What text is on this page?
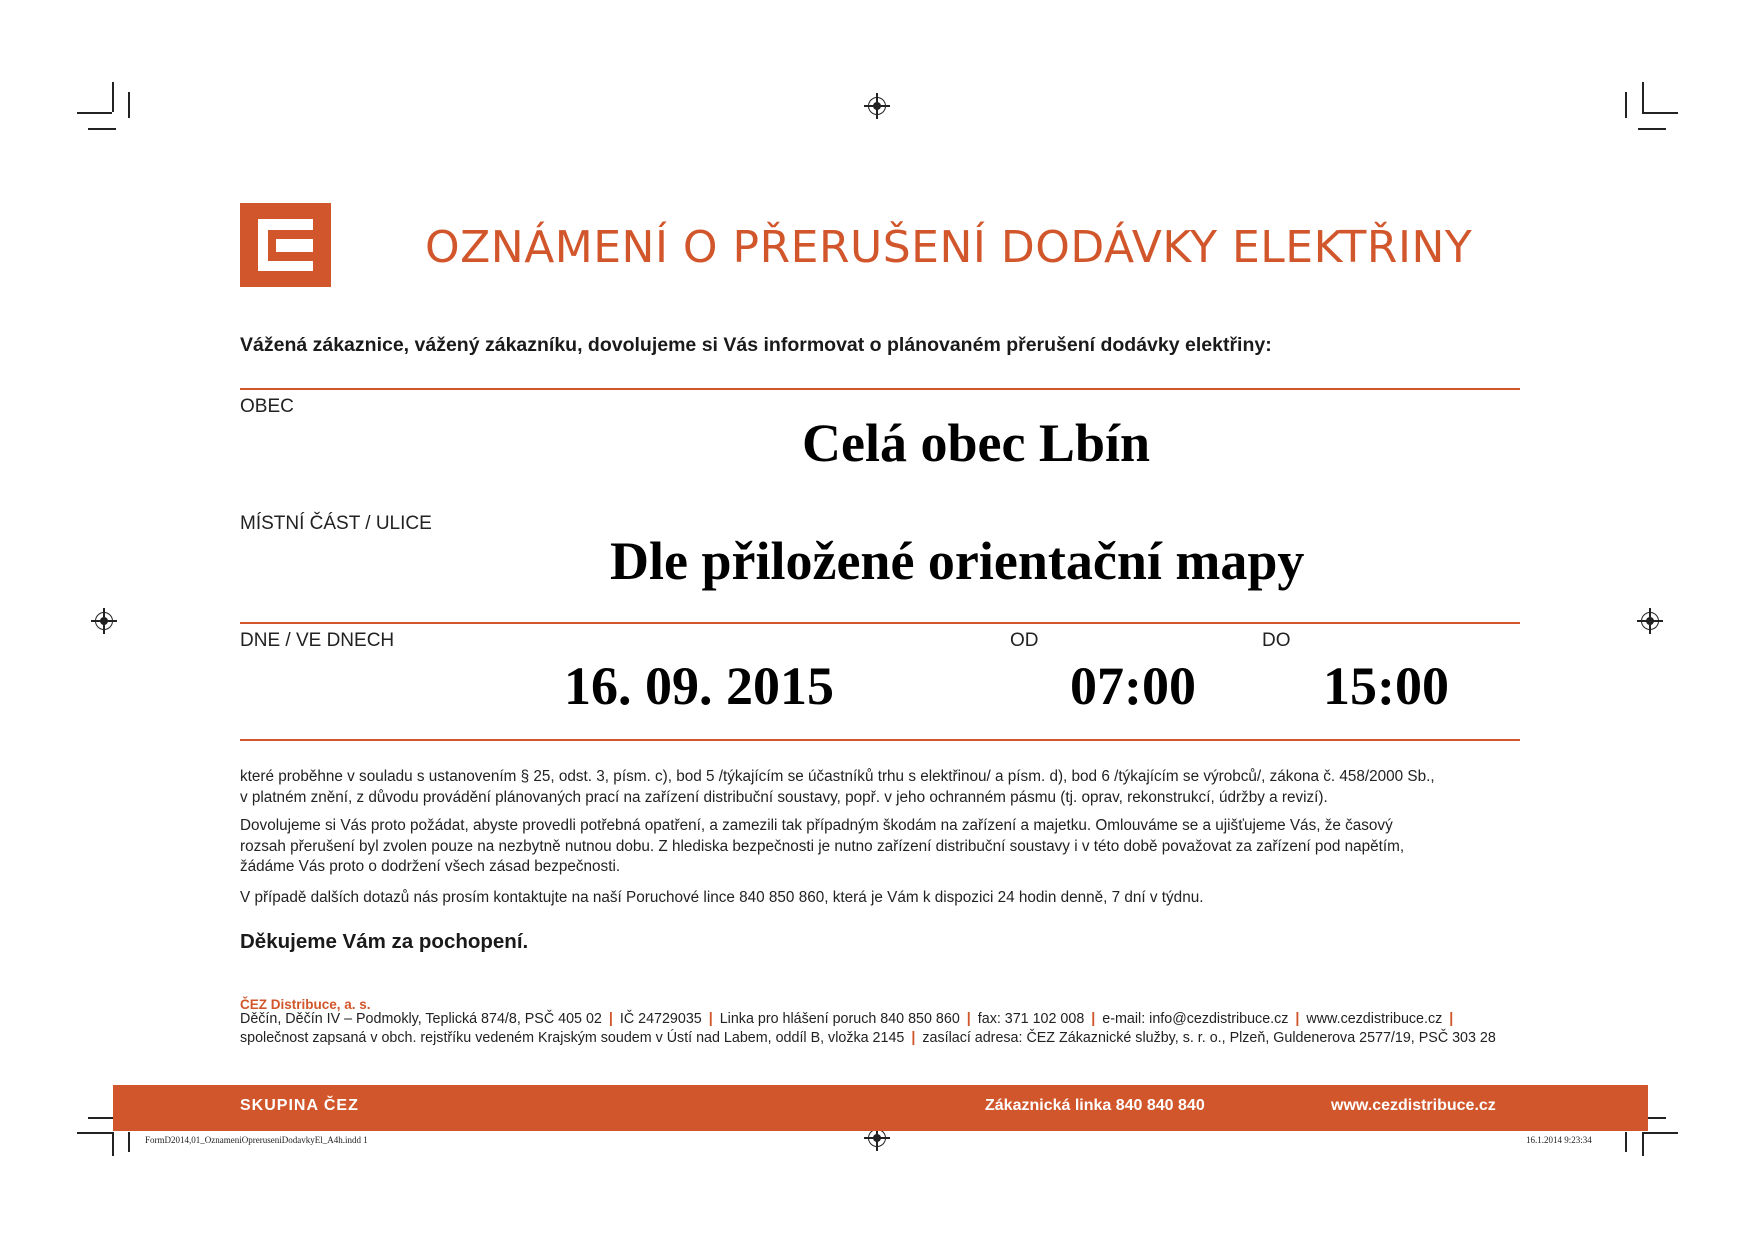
OZNÁMENÍ O PŘERUŠENÍ DODÁVKY ELEKTŘINY
Vážená zákaznice, vážený zákazníku, dovolujeme si Vás informovat o plánovaném přerušení dodávky elektřiny:
OBEC
Celá obec Lbín
MÍSTNÍ ČÁST / ULICE
Dle přiložené orientační mapy
DNE / VE DNECH	OD	DO
16. 09. 2015	07:00 15:00
které proběhne v souladu s ustanovením § 25, odst. 3, písm. c), bod 5 /týkajícím se účastníků trhu s elektřinou/ a písm. d), bod 6 /týkajícím se výrobců/, zákona č. 458/2000 Sb.,
v platném znění, z důvodu provádění plánovaných prací na zařízení distribuční soustavy, popř. v jeho ochranném pásmu (tj. oprav, rekonstrukcí, údržby a revizí).
Dovolujeme si Vás proto požádat, abyste provedli potřebná opatření, a zamezili tak případným škodám na zařízení a majetku. Omlouváme se a ujišťujeme Vás, že časový
rozsah přerušení byl zvolen pouze na nezbytně nutnou dobu. Z hlediska bezpečnosti je nutno zařízení distribuční soustavy i v této době považovat za zařízení pod napětím,
žádáme Vás proto o dodržení všech zásad bezpečnosti.
V případě dalších dotazů nás prosím kontaktujte na naší Poruchové lince 840 850 860, která je Vám k dispozici 24 hodin denně, 7 dní v týdnu.
Děkujeme Vám za pochopení.
ČEZ Distribuce, a. s.
Děčín, Děčín IV – Podmokly, Teplická 874/8, PSČ 405 02 | IČ 24729035 | Linka pro hlášení poruch 840 850 860 | fax: 371 102 008 | e-mail: info@cezdistribuce.cz | www.cezdistribuce.cz |
společnost zapsaná v obch. rejstříku vedeném Krajským soudem v Ústí nad Labem, oddíl B, vložka 2145 | zasílací adresa: ČEZ Zákaznické služby, s. r. o., Plzeň, Guldenerova 2577/19, PSČ 303 28
SKUPINA ČEZ	Zákaznická linka 840 840 840	www.cezdistribuce.cz
FormD2014,01_OznameniOpreruseniDodavkyEl_A4h.indd 1	16.1.2014 9:23:34
